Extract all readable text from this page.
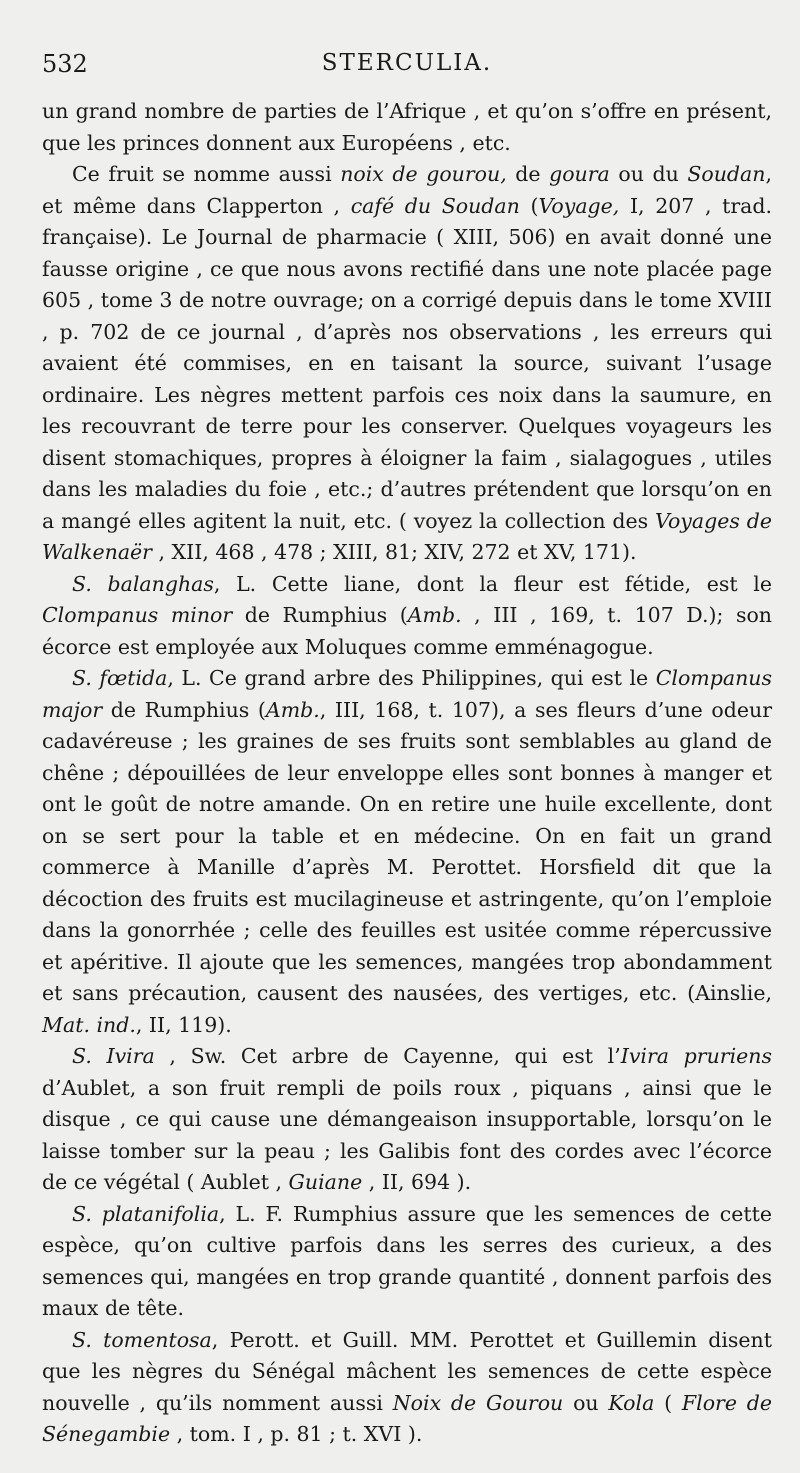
532	STERCULIA.

un grand nombre de parties de l’Afrique , et qu’on s’offre en présent, que les princes donnent aux Européens , etc.

Ce fruit se nomme aussi noix de gourou, de goura ou du Soudan, et même dans Clapperton , café du Soudan (Voyage, I, 207 , trad. française). Le Journal de pharmacie ( XIII, 506) en avait donné une fausse origine , ce que nous avons rectifié dans une note placée page 605 , tome 3 de notre ouvrage; on a corrigé depuis dans le tome XVIII , p. 702 de ce journal , d’après nos observations , les erreurs qui avaient été commises, en en taisant la source, suivant l’usage ordinaire. Les nègres mettent parfois ces noix dans la saumure, en les recouvrant de terre pour les conserver. Quelques voyageurs les disent stomachiques, propres à éloigner la faim , sialagogues , utiles dans les maladies du foie , etc.; d’autres prétendent que lorsqu’on en a mangé elles agitent la nuit, etc. ( voyez la collection des Voyages de Walkenaër , XII, 468 , 478 ; XIII, 81; XIV, 272 et XV, 171).

S. balanghas, L. Cette liane, dont la fleur est fétide, est le Clompanus minor de Rumphius (Amb. , III , 169, t. 107 D.); son écorce est employée aux Moluques comme emménagogue.

S. fœtida, L. Ce grand arbre des Philippines, qui est le Clompanus major de Rumphius (Amb., III, 168, t. 107), a ses fleurs d’une odeur cadavéreuse ; les graines de ses fruits sont semblables au gland de chêne ; dépouillées de leur enveloppe elles sont bonnes à manger et ont le goût de notre amande. On en retire une huile excellente, dont on se sert pour la table et en médecine. On en fait un grand commerce à Manille d’après M. Perottet. Horsfield dit que la décoction des fruits est mucilagineuse et astringente, qu’on l’emploie dans la gonorrhée ; celle des feuilles est usitée comme répercussive et apéritive. Il ajoute que les semences, mangées trop abondamment et sans précaution, causent des nausées, des vertiges, etc. (Ainslie, Mat. ind., II, 119).

S. Ivira , Sw. Cet arbre de Cayenne, qui est l’Ivira pruriens d’Aublet, a son fruit rempli de poils roux , piquans , ainsi que le disque , ce qui cause une démangeaison insupportable, lorsqu’on le laisse tomber sur la peau ; les Galibis font des cordes avec l’écorce de ce végétal ( Aublet , Guiane , II, 694 ).

S. platanifolia, L. F. Rumphius assure que les semences de cette espèce, qu’on cultive parfois dans les serres des curieux, a des semences qui, mangées en trop grande quantité , donnent parfois des maux de tête.

S. tomentosa, Perott. et Guill. MM. Perottet et Guillemin disent que les nègres du Sénégal mâchent les semences de cette espèce nouvelle , qu’ils nomment aussi Noix de Gourou ou Kola ( Flore de Sénegambie , tom. I , p. 81 ; t. XVI ).
